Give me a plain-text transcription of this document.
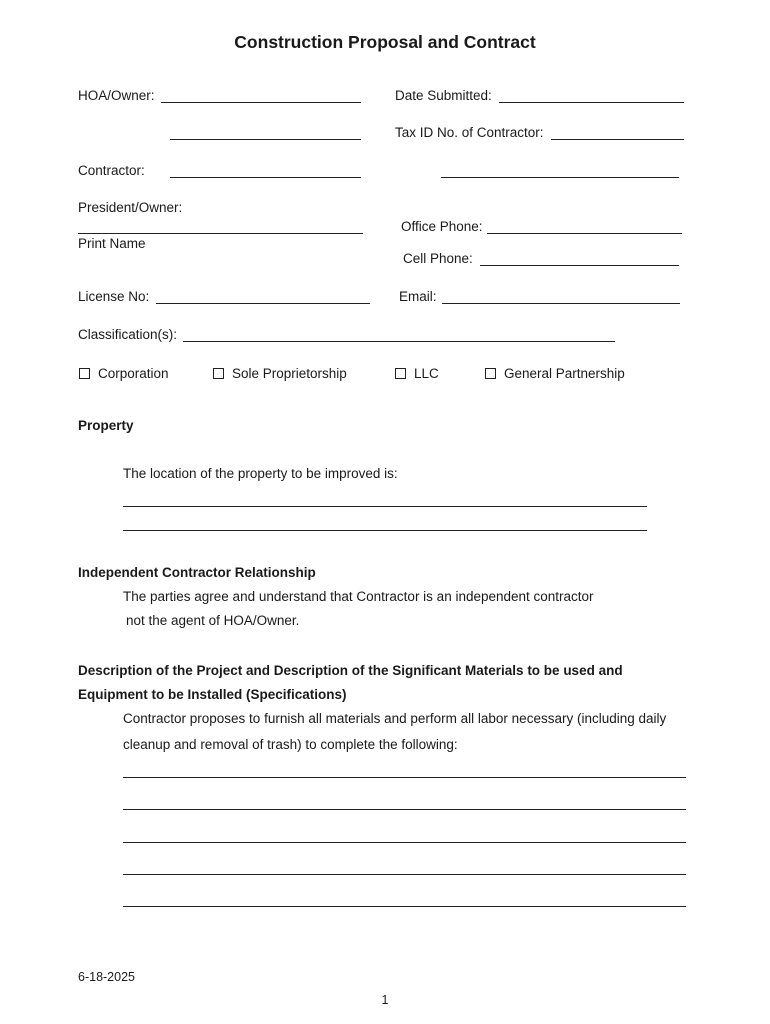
Construction Proposal and Contract
HOA/Owner:	Date Submitted:
Tax ID No. of Contractor:
Contractor:
President/Owner:
Print Name
Office Phone:
Cell Phone:
License No:	Email:
Classification(s):
Corporation	Sole Proprietorship	LLC	General Partnership
Property
The location of the property to be improved is:
Independent Contractor Relationship
The parties agree and understand that Contractor is an independent contractor
not the agent of HOA/Owner.
Description of the Project and Description of the Significant Materials to be used and
Equipment to be Installed (Specifications)
Contractor proposes to furnish all materials and perform all labor necessary (including daily
cleanup and removal of trash) to complete the following:
6-18-2025
1
